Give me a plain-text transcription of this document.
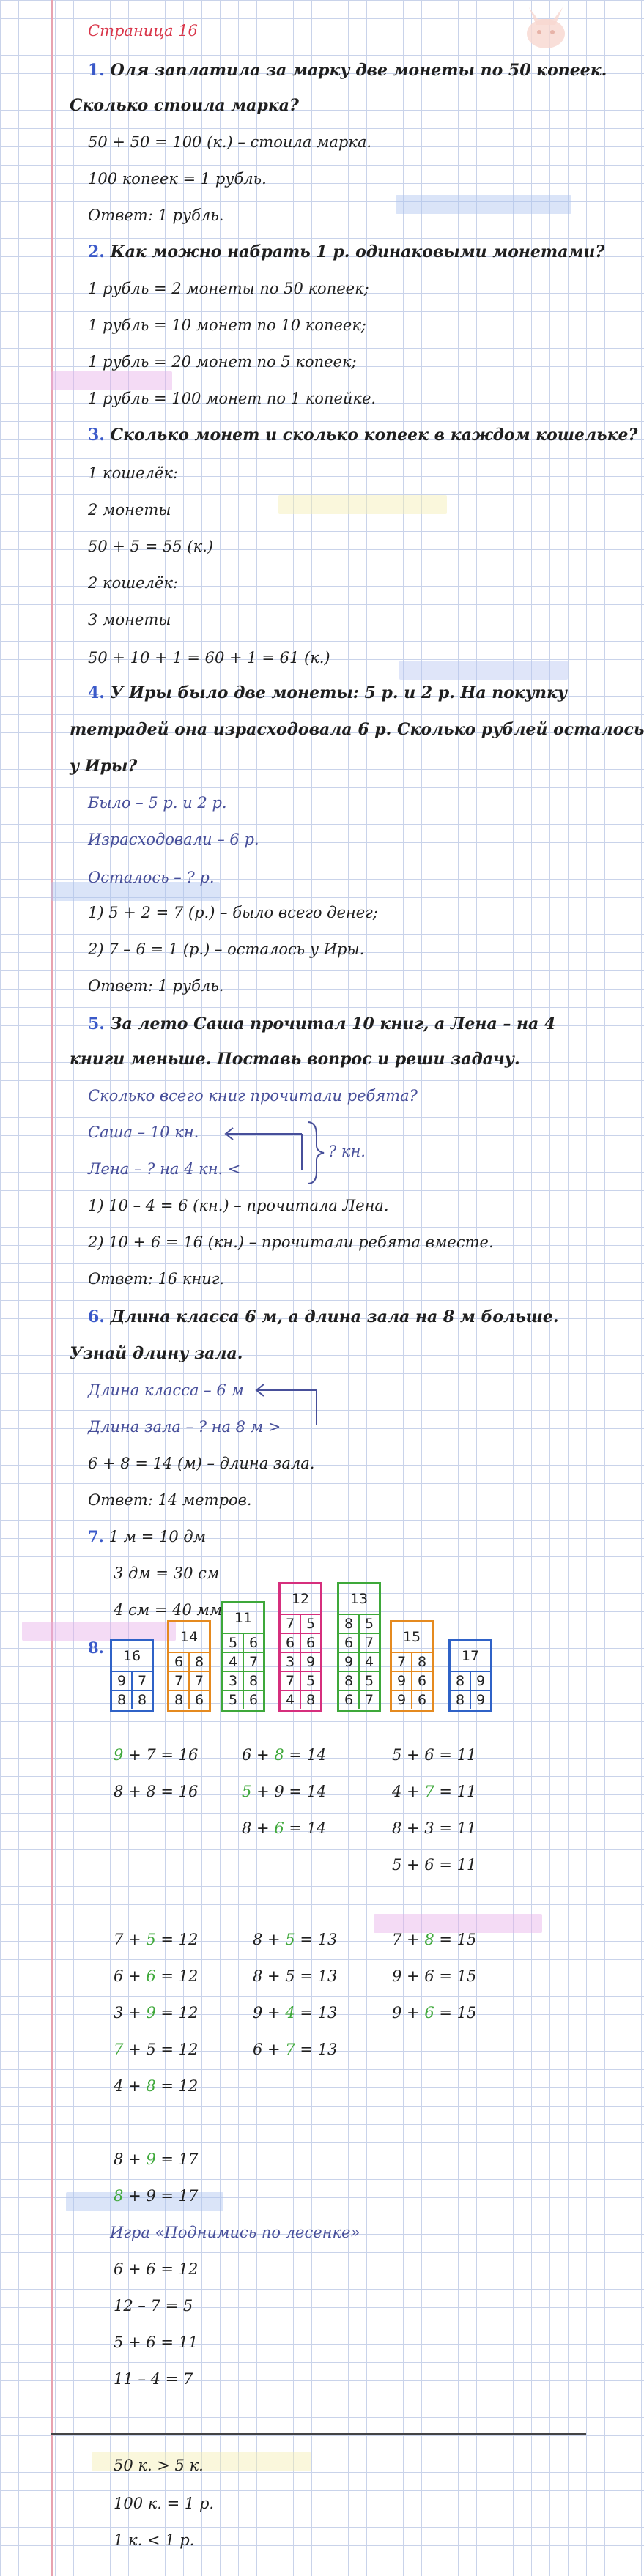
Страница 16
1. Оля заплатила за марку две монеты по 50 копеек.
Сколько стоила марка?
50 + 50 = 100 (к.) – стоила марка.
100 копеек = 1 рубль.
Ответ: 1 рубль.
2. Как можно набрать 1 р. одинаковыми монетами?
1 рубль = 2 монеты по 50 копеек;
1 рубль = 10 монет по 10 копеек;
1 рубль = 20 монет по 5 копеек;
1 рубль = 100 монет по 1 копейке.
3. Сколько монет и сколько копеек в каждом кошельке?
1 кошелёк:
2 монеты
50 + 5 = 55 (к.)
2 кошелёк:
3 монеты
50 + 10 + 1 = 60 + 1 = 61 (к.)
4. У Иры было две монеты: 5 р. и 2 р. На покупку
тетрадей она израсходовала 6 р. Сколько рублей осталось
у Иры?
Было – 5 р. и 2 р.
Израсходовали – 6 р.
Осталось – ? р.
1) 5 + 2 = 7 (р.) – было всего денег;
2) 7 – 6 = 1 (р.) – осталось у Иры.
Ответ: 1 рубль.
5. За лето Саша прочитал 10 книг, а Лена – на 4
книги меньше. Поставь вопрос и реши задачу.
Сколько всего книг прочитали ребята?
Саша – 10 кн.
Лена – ? на 4 кн. <
? кн.
1) 10 – 4 = 6 (кн.) – прочитала Лена.
2) 10 + 6 = 16 (кн.) – прочитали ребята вместе.
Ответ: 16 книг.
6. Длина класса 6 м, а длина зала на 8 м больше.
Узнай длину зала.
Длина класса – 6 м
Длина зала – ? на 8 м >
6 + 8 = 14 (м) – длина зала.
Ответ: 14 метров.
7. 1 м = 10 дм
3 дм = 30 см
4 см = 40 мм
8.	16
9 7
8 8
14
6 8
7 7
8 6
11
5 6
4 7
3 8
5 6
12
7 5
6 6
3 9
7 5
4 8
13
8 5
6 7
9 4
8 5
6 7
15
7 8
9 6
9 6
17
8 9
8 9
9 + 7 = 16
8 + 8 = 16
6 + 8 = 14
5 + 9 = 14
8 + 6 = 14
5 + 6 = 11
4 + 7 = 11
8 + 3 = 11
5 + 6 = 11
7 + 5 = 12
6 + 6 = 12
3 + 9 = 12
7 + 5 = 12
4 + 8 = 12
8 + 5 = 13
8 + 5 = 13
9 + 4 = 13
6 + 7 = 13
7 + 8 = 15
9 + 6 = 15
9 + 6 = 15
8 + 9 = 17
8 + 9 = 17
Игра «Поднимись по лесенке»
6 + 6 = 12
12 – 7 = 5
5 + 6 = 11
11 – 4 = 7
50 к. > 5 к.
100 к. = 1 р.
1 к. < 1 р.
